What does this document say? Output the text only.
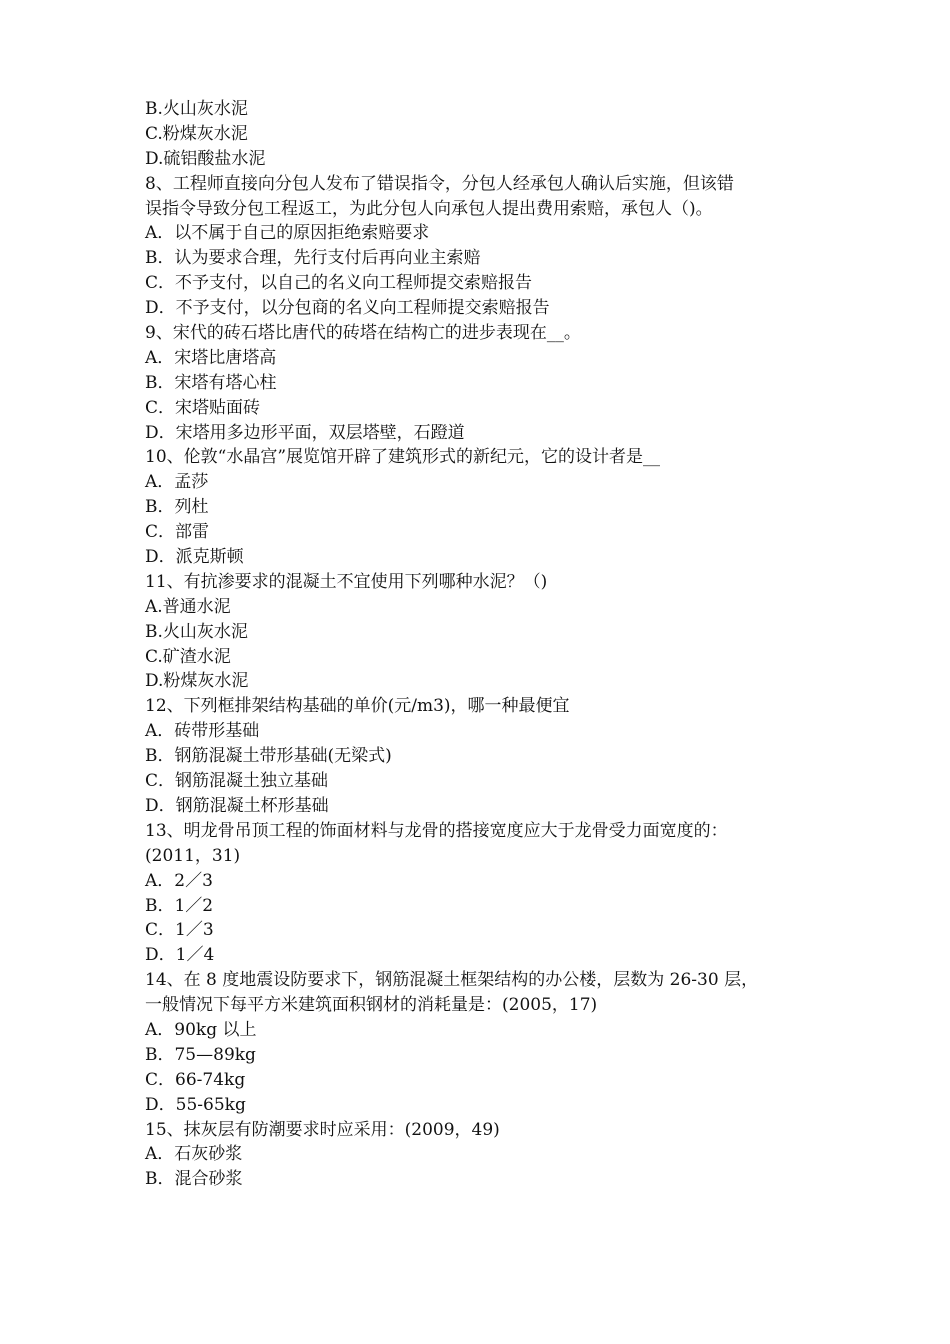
B.火山灰水泥
C.粉煤灰水泥
D.硫铝酸盐水泥
8、工程师直接向分包人发布了错误指令，分包人经承包人确认后实施，但该错
误指令导致分包工程返工，为此分包人向承包人提出费用索赔，承包人（)。
A．以不属于自己的原因拒绝索赔要求
B．认为要求合理，先行支付后再向业主索赔
C．不予支付，以自己的名义向工程师提交索赔报告
D．不予支付，以分包商的名义向工程师提交索赔报告
9、宋代的砖石塔比唐代的砖塔在结构亡的进步表现在__。
A．宋塔比唐塔高
B．宋塔有塔心柱
C．宋塔贴面砖
D．宋塔用多边形平面，双层塔壁，石蹬道
10、伦敦“水晶宫”展览馆开辟了建筑形式的新纪元，它的设计者是__
A．孟莎
B．列杜
C．部雷
D．派克斯顿
11、有抗渗要求的混凝土不宜使用下列哪种水泥？（)
A.普通水泥
B.火山灰水泥
C.矿渣水泥
D.粉煤灰水泥
12、下列框排架结构基础的单价(元/m3)，哪一种最便宜
A．砖带形基础
B．钢筋混凝土带形基础(无梁式)
C．钢筋混凝土独立基础
D．钢筋混凝土杯形基础
13、明龙骨吊顶工程的饰面材料与龙骨的搭接宽度应大于龙骨受力面宽度的：
(2011，31)
A．2／3
B．1／2
C．1／3
D．1／4
14、在 8 度地震设防要求下，钢筋混凝土框架结构的办公楼，层数为 26-30 层，
一般情况下每平方米建筑面积钢材的消耗量是：(2005，17)
A．90kg 以上
B．75—89kg
C．66-74kg
D．55-65kg
15、抹灰层有防潮要求时应采用：(2009，49)
A．石灰砂浆
B．混合砂浆
